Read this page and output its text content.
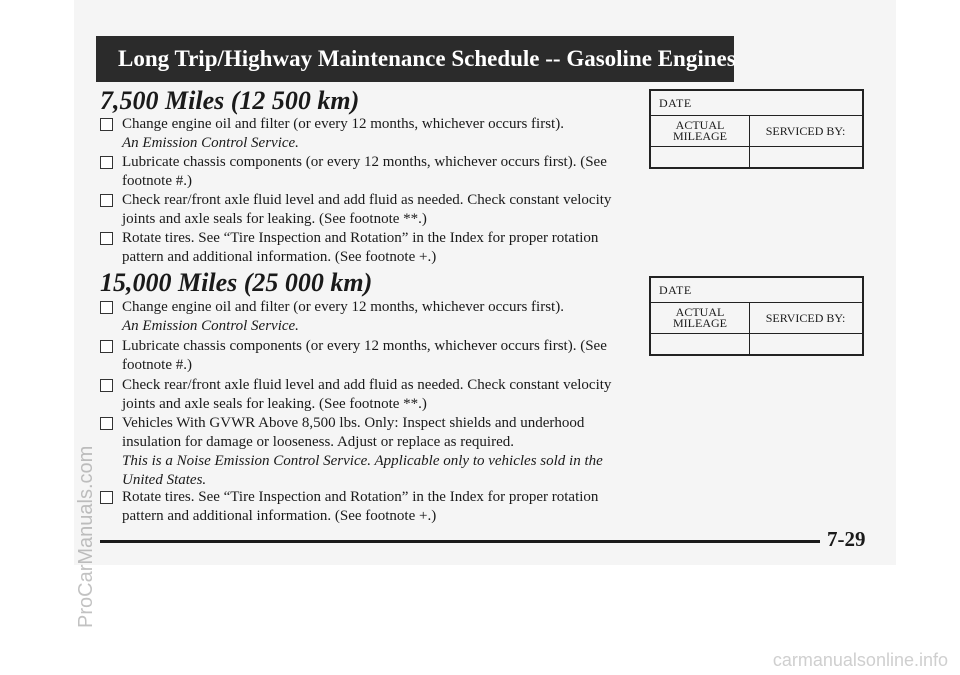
Long Trip/Highway Maintenance Schedule -- Gasoline Engines
7,500 Miles (12 500 km)
Change engine oil and filter (or every 12 months, whichever occurs first).
An Emission Control Service.
Lubricate chassis components (or every 12 months, whichever occurs first). (See footnote #.)
Check rear/front axle fluid level and add fluid as needed. Check constant velocity joints and axle seals for leaking. (See footnote **.)
Rotate tires. See “Tire Inspection and Rotation” in the Index for proper rotation pattern and additional information. (See footnote +.)
DATE
ACTUAL
MILEAGE	SERVICED BY:
15,000 Miles (25 000 km)
Change engine oil and filter (or every 12 months, whichever occurs first).
An Emission Control Service.
Lubricate chassis components (or every 12 months, whichever occurs first). (See footnote #.)
Check rear/front axle fluid level and add fluid as needed. Check constant velocity joints and axle seals for leaking. (See footnote **.)
Vehicles With GVWR Above 8,500 lbs. Only: Inspect shields and underhood insulation for damage or looseness. Adjust or replace as required.
This is a Noise Emission Control Service. Applicable only to vehicles sold in the United States.
Rotate tires. See “Tire Inspection and Rotation” in the Index for proper rotation pattern and additional information. (See footnote +.)
DATE
ACTUAL
MILEAGE	SERVICED BY:
7-29
ProCarManuals.com
carmanualsonline.info
